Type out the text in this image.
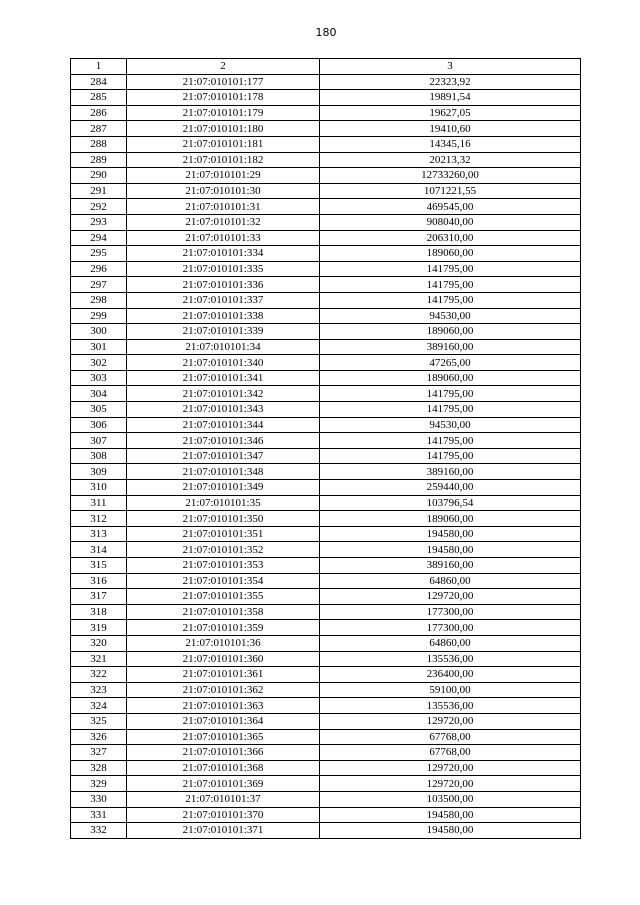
180
1	2	3
284	21:07:010101:177	22323,92
285	21:07:010101:178	19891,54
286	21:07:010101:179	19627,05
287	21:07:010101:180	19410,60
288	21:07:010101:181	14345,16
289	21:07:010101:182	20213,32
290	21:07:010101:29	12733260,00
291	21:07:010101:30	1071221,55
292	21:07:010101:31	469545,00
293	21:07:010101:32	908040,00
294	21:07:010101:33	206310,00
295	21:07:010101:334	189060,00
296	21:07:010101:335	141795,00
297	21:07:010101:336	141795,00
298	21:07:010101:337	141795,00
299	21:07:010101:338	94530,00
300	21:07:010101:339	189060,00
301	21:07:010101:34	389160,00
302	21:07:010101:340	47265,00
303	21:07:010101:341	189060,00
304	21:07:010101:342	141795,00
305	21:07:010101:343	141795,00
306	21:07:010101:344	94530,00
307	21:07:010101:346	141795,00
308	21:07:010101:347	141795,00
309	21:07:010101:348	389160,00
310	21:07:010101:349	259440,00
311	21:07:010101:35	103796,54
312	21:07:010101:350	189060,00
313	21:07:010101:351	194580,00
314	21:07:010101:352	194580,00
315	21:07:010101:353	389160,00
316	21:07:010101:354	64860,00
317	21:07:010101:355	129720,00
318	21:07:010101:358	177300,00
319	21:07:010101:359	177300,00
320	21:07:010101:36	64860,00
321	21:07:010101:360	135536,00
322	21:07:010101:361	236400,00
323	21:07:010101:362	59100,00
324	21:07:010101:363	135536,00
325	21:07:010101:364	129720,00
326	21:07:010101:365	67768,00
327	21:07:010101:366	67768,00
328	21:07:010101:368	129720,00
329	21:07:010101:369	129720,00
330	21:07:010101:37	103500,00
331	21:07:010101:370	194580,00
332	21:07:010101:371	194580,00
